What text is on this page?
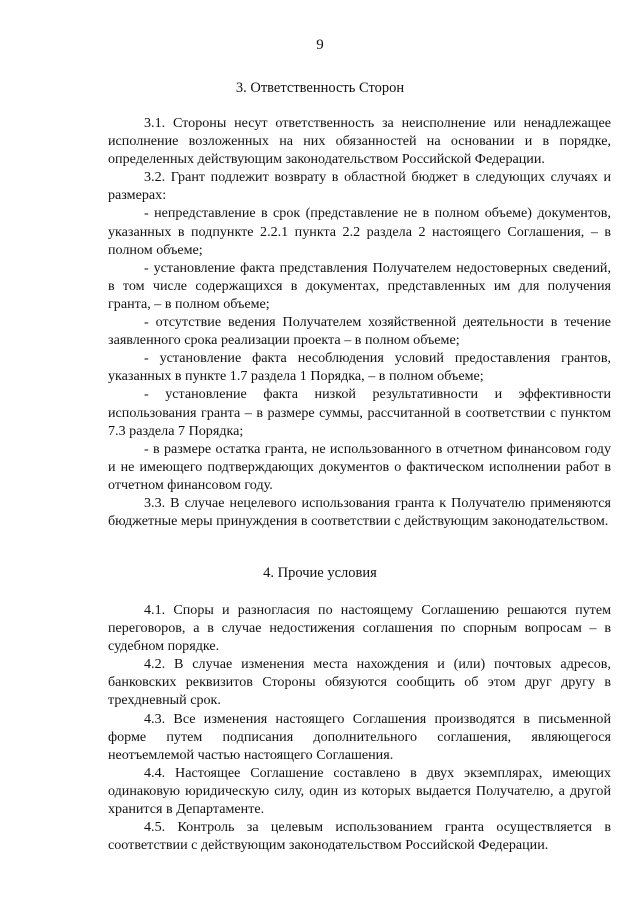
9
3. Ответственность Сторон

3.1. Стороны несут ответственность за неисполнение или ненадлежащее исполнение возложенных на них обязанностей на основании и в порядке, определенных действующим законодательством Российской Федерации.

3.2. Грант подлежит возврату в областной бюджет в следующих случаях и размерах:

- непредставление в срок (представление не в полном объеме) документов, указанных в подпункте 2.2.1 пункта 2.2 раздела 2 настоящего Соглашения, – в полном объеме;

- установление факта представления Получателем недостоверных сведений, в том числе содержащихся в документах, представленных им для получения гранта, – в полном объеме;

- отсутствие ведения Получателем хозяйственной деятельности в течение заявленного срока реализации проекта – в полном объеме;

- установление факта несоблюдения условий предоставления грантов, указанных в пункте 1.7 раздела 1 Порядка, – в полном объеме;

- установление факта низкой результативности и эффективности использования гранта – в размере суммы, рассчитанной в соответствии с пунктом 7.3 раздела 7 Порядка;

- в размере остатка гранта, не использованного в отчетном финансовом году и не имеющего подтверждающих документов о фактическом исполнении работ в отчетном финансовом году.

3.3. В случае нецелевого использования гранта к Получателю применяются бюджетные меры принуждения в соответствии с действующим законодательством.

4. Прочие условия

4.1. Споры и разногласия по настоящему Соглашению решаются путем переговоров, а в случае недостижения соглашения по спорным вопросам – в судебном порядке.

4.2. В случае изменения места нахождения и (или) почтовых адресов, банковских реквизитов Стороны обязуются сообщить об этом друг другу в трехдневный срок.

4.3. Все изменения настоящего Соглашения производятся в письменной форме путем подписания дополнительного соглашения, являющегося неотъемлемой частью настоящего Соглашения.

4.4. Настоящее Соглашение составлено в двух экземплярах, имеющих одинаковую юридическую силу, один из которых выдается Получателю, а другой хранится в Департаменте.

4.5. Контроль за целевым использованием гранта осуществляется в соответствии с действующим законодательством Российской Федерации.
